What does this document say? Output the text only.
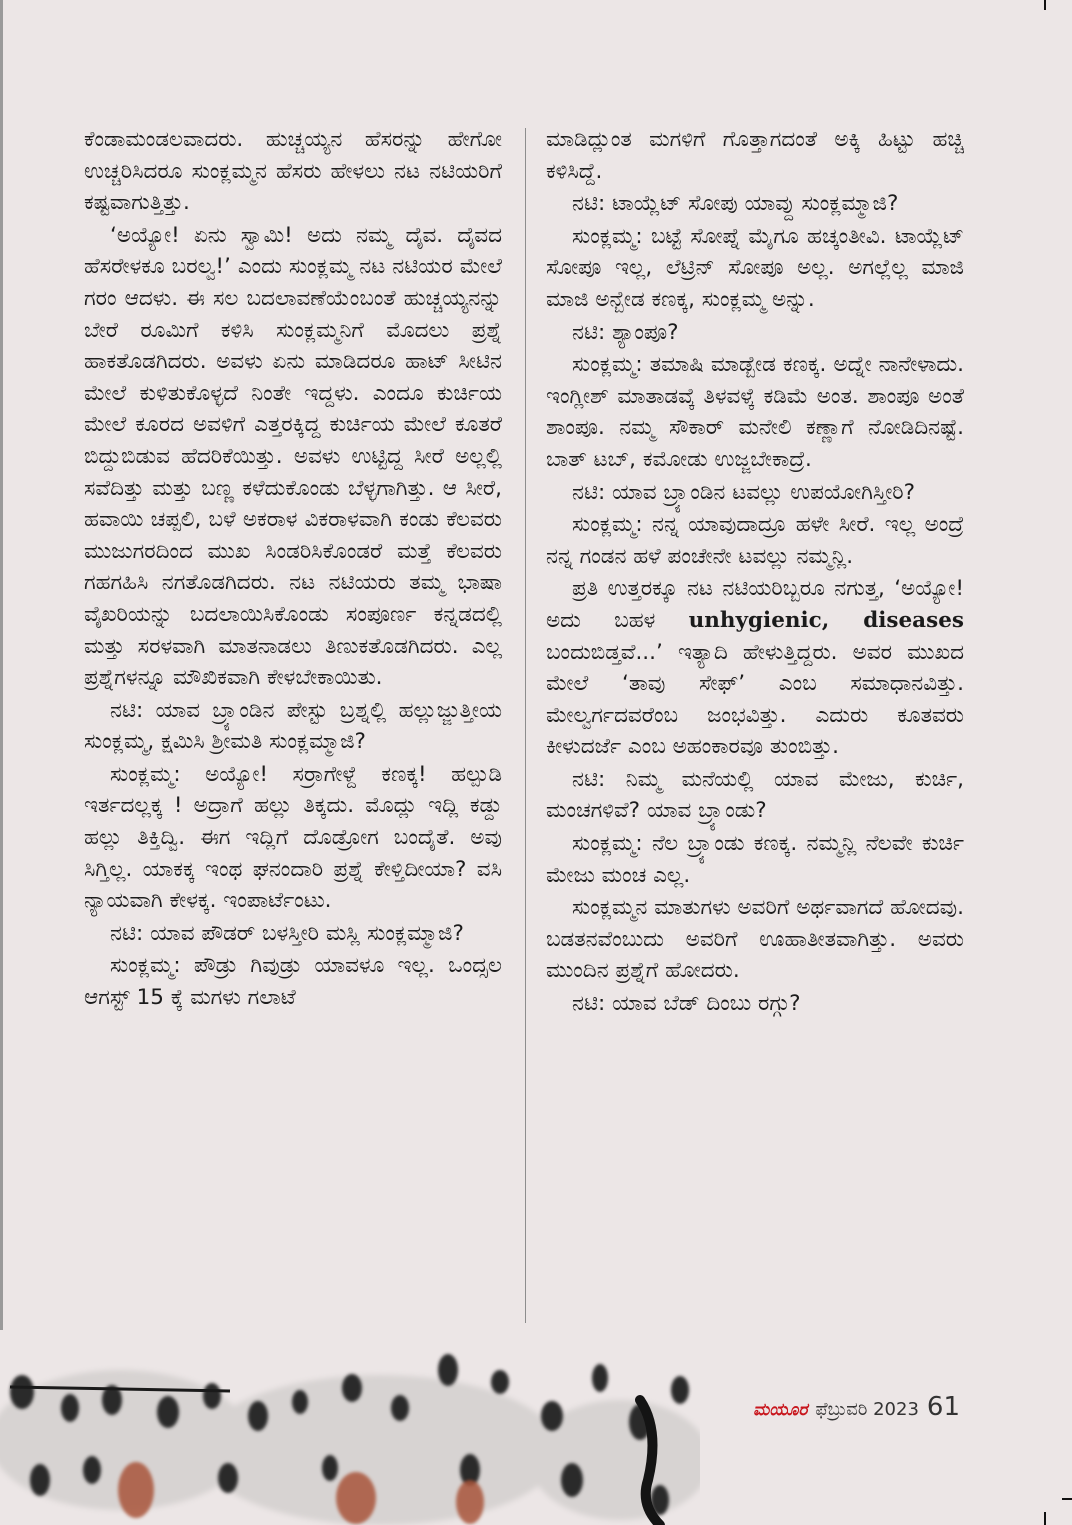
ಕೆಂಡಾಮಂಡಲವಾದರು. ಹುಚ್ಚಯ್ಯನ ಹೆಸರನ್ನು ಹೇಗೋ ಉಚ್ಚರಿಸಿದರೂ ಸುಂಕ್ಲಮ್ಮನ ಹೆಸರು ಹೇಳಲು ನಟ ನಟಿಯರಿಗೆ ಕಷ್ಟವಾಗುತ್ತಿತ್ತು.

‘ಅಯ್ಯೋ! ಏನು ಸ್ವಾಮಿ! ಅದು ನಮ್ಮ ದೈವ. ದೈವದ ಹೆಸರೇಳಕೂ ಬರಲ್ವ!’ ಎಂದು ಸುಂಕ್ಲಮ್ಮ ನಟ ನಟಿಯರ ಮೇಲೆ ಗರಂ ಆದಳು. ಈ ಸಲ ಬದಲಾವಣೆಯೆಂಬಂತೆ ಹುಚ್ಚಯ್ಯನನ್ನು ಬೇರೆ ರೂಮಿಗೆ ಕಳಿಸಿ ಸುಂಕ್ಲಮ್ಮನಿಗೆ ಮೊದಲು ಪ್ರಶ್ನೆ ಹಾಕತೊಡಗಿದರು. ಅವಳು ಏನು ಮಾಡಿದರೂ ಹಾಟ್ ಸೀಟಿನ ಮೇಲೆ ಕುಳಿತುಕೊಳ್ಳದೆ ನಿಂತೇ ಇದ್ದಳು. ಎಂದೂ ಕುರ್ಚಿಯ ಮೇಲೆ ಕೂರದ ಅವಳಿಗೆ ಎತ್ತರಕ್ಕಿದ್ದ ಕುರ್ಚಿಯ ಮೇಲೆ ಕೂತರೆ ಬಿದ್ದುಬಿಡುವ ಹೆದರಿಕೆಯಿತ್ತು. ಅವಳು ಉಟ್ಟಿದ್ದ ಸೀರೆ ಅಲ್ಲಲ್ಲಿ ಸವೆದಿತ್ತು ಮತ್ತು ಬಣ್ಣ ಕಳೆದುಕೊಂಡು ಬೆಳ್ಳಗಾಗಿತ್ತು. ಆ ಸೀರೆ, ಹವಾಯಿ ಚಪ್ಪಲಿ, ಬಳೆ ಅಕರಾಳ ವಿಕರಾಳವಾಗಿ ಕಂಡು ಕೆಲವರು ಮುಜುಗರದಿಂದ ಮುಖ ಸಿಂಡರಿಸಿಕೊಂಡರೆ ಮತ್ತೆ ಕೆಲವರು ಗಹಗಹಿಸಿ ನಗತೊಡಗಿದರು. ನಟ ನಟಿಯರು ತಮ್ಮ ಭಾಷಾ ವೈಖರಿಯನ್ನು ಬದಲಾಯಿಸಿಕೊಂಡು ಸಂಪೂರ್ಣ ಕನ್ನಡದಲ್ಲಿ ಮತ್ತು ಸರಳವಾಗಿ ಮಾತನಾಡಲು ತಿಣುಕತೊಡಗಿದರು. ಎಲ್ಲ ಪ್ರಶ್ನೆಗಳನ್ನೂ ಮೌಖಿಕವಾಗಿ ಕೇಳಬೇಕಾಯಿತು.

ನಟಿ: ಯಾವ ಬ್ರ್ಯಾಂಡಿನ ಪೇಸ್ಟು ಬ್ರಶ್ನಲ್ಲಿ ಹಲ್ಲುಜ್ಜುತ್ತೀಯ ಸುಂಕ್ಲಮ್ಮ, ಕ್ಷಮಿಸಿ ಶ್ರೀಮತಿ ಸುಂಕ್ಲಮ್ಮಾಜಿ?

ಸುಂಕ್ಲಮ್ಮ: ಅಯ್ಯೋ! ಸರ್ರಾಗೇಳ್ದೆ ಕಣಕ್ಕ! ಹಲ್ಪುಡಿ ಇರ್ತದಲ್ಲಕ್ಕ ! ಅದ್ರಾಗೆ ಹಲ್ಲು ತಿಕ್ಕದು. ಮೊದ್ಲು ಇದ್ಲಿ ಕಡ್ದು ಹಲ್ಲು ತಿಕ್ತಿದ್ವಿ. ಈಗ ಇದ್ಲಿಗೆ ದೊಡ್ರೋಗ ಬಂದೈತೆ. ಅವು ಸಿಗ್ತಿಲ್ಲ. ಯಾಕಕ್ಕ ಇಂಥ ಘನಂದಾರಿ ಪ್ರಶ್ನೆ ಕೇಳ್ತಿದೀಯಾ? ವಸಿ ನ್ಯಾಯವಾಗಿ ಕೇಳಕ್ಕ. ಇಂಪಾರ್ಟೆಂಟು.

ನಟಿ: ಯಾವ ಪೌಡರ್ ಬಳಸ್ತೀರಿ ಮಸ್ಲಿ ಸುಂಕ್ಲಮ್ಮಾಜಿ?

ಸುಂಕ್ಲಮ್ಮ: ಪೌಡ್ರು ಗಿವುಡ್ರು ಯಾವಳೂ ಇಲ್ಲ. ಒಂದ್ಸಲ ಆಗಸ್ಟ್ 15 ಕ್ಕೆ ಮಗಳು ಗಲಾಟೆ

ಮಾಡಿದ್ಲುಂತ ಮಗಳಿಗೆ ಗೊತ್ತಾಗದಂತೆ ಅಕ್ಕಿ ಹಿಟ್ಟು ಹಚ್ಚಿ ಕಳಿಸಿದ್ದೆ.

ನಟಿ: ಟಾಯ್ಲೆಟ್ ಸೋಪು ಯಾವ್ದು ಸುಂಕ್ಲಮ್ಮಾಜಿ?

ಸುಂಕ್ಲಮ್ಮ: ಬಟ್ಟೆ ಸೋಪ್ನೆ ಮೈಗೂ ಹಚ್ಕಂತೀವಿ. ಟಾಯ್ಲೆಟ್ ಸೋಪೂ ಇಲ್ಲ, ಲೆಟ್ರಿನ್ ಸೋಪೂ ಅಲ್ಲ. ಅಗಲ್ಲೆಲ್ಲ ಮಾಜಿ ಮಾಜಿ ಅನ್ಬೇಡ ಕಣಕ್ಕ, ಸುಂಕ್ಲಮ್ಮ ಅನ್ನು.

ನಟಿ: ಶ್ಯಾಂಪೂ?

ಸುಂಕ್ಲಮ್ಮ: ತಮಾಷಿ ಮಾಡ್ಬೇಡ ಕಣಕ್ಕ. ಅದ್ನೇ ನಾನೇಳಾದು. ಇಂಗ್ಲೀಶ್ ಮಾತಾಡವ್ಕೆ ತಿಳವಳ್ಕೆ ಕಡಿಮೆ ಅಂತ. ಶಾಂಪೂ ಅಂತೆ ಶಾಂಪೂ. ನಮ್ಮ ಸೌಕಾರ್ ಮನೇಲಿ ಕಣ್ಣಾಗೆ ನೋಡಿದಿನಷ್ಟೆ. ಬಾತ್ ಟಬ್, ಕಮೋಡು ಉಜ್ಜಬೇಕಾದ್ರೆ.

ನಟಿ: ಯಾವ ಬ್ರ್ಯಾಂಡಿನ ಟವಲ್ಲು ಉಪಯೋಗಿಸ್ತೀರಿ?

ಸುಂಕ್ಲಮ್ಮ: ನನ್ನ ಯಾವುದಾದ್ರೂ ಹಳೇ ಸೀರೆ. ಇಲ್ಲ ಅಂದ್ರೆ ನನ್ನ ಗಂಡನ ಹಳೆ ಪಂಚೇನೇ ಟವಲ್ಲು ನಮ್ಮನ್ಲಿ.

ಪ್ರತಿ ಉತ್ತರಕ್ಕೂ ನಟ ನಟಿಯರಿಬ್ಬರೂ ನಗುತ್ತ, ‘ಅಯ್ಯೋ! ಅದು ಬಹಳ unhygienic, diseases ಬಂದುಬಿಡ್ತವೆ...’ ಇತ್ಯಾದಿ ಹೇಳುತ್ತಿದ್ದರು. ಅವರ ಮುಖದ ಮೇಲೆ ‘ತಾವು ಸೇಫ್’ ಎಂಬ ಸಮಾಧಾನವಿತ್ತು. ಮೇಲ್ವರ್ಗದವರೆಂಬ ಜಂಭವಿತ್ತು. ಎದುರು ಕೂತವರು ಕೀಳುದರ್ಜೆ ಎಂಬ ಅಹಂಕಾರವೂ ತುಂಬಿತ್ತು.

ನಟಿ: ನಿಮ್ಮ ಮನೆಯಲ್ಲಿ ಯಾವ ಮೇಜು, ಕುರ್ಚಿ, ಮಂಚಗಳಿವೆ? ಯಾವ ಬ್ರ್ಯಾಂಡು?

ಸುಂಕ್ಲಮ್ಮ: ನೆಲ ಬ್ರ್ಯಾಂಡು ಕಣಕ್ಕ. ನಮ್ಮನ್ಲಿ ನೆಲವೇ ಕುರ್ಚಿ ಮೇಜು ಮಂಚ ಎಲ್ಲ.

ಸುಂಕ್ಲಮ್ಮನ ಮಾತುಗಳು ಅವರಿಗೆ ಅರ್ಥವಾಗದೆ ಹೋದವು. ಬಡತನವೆಂಬುದು ಅವರಿಗೆ ಊಹಾತೀತವಾಗಿತ್ತು. ಅವರು ಮುಂದಿನ ಪ್ರಶ್ನೆಗೆ ಹೋದರು.

ನಟಿ: ಯಾವ ಬೆಡ್ ದಿಂಬು ರಗ್ಗು?

ಮಯೂರ ಫೆಬ್ರುವರಿ 2023 61
